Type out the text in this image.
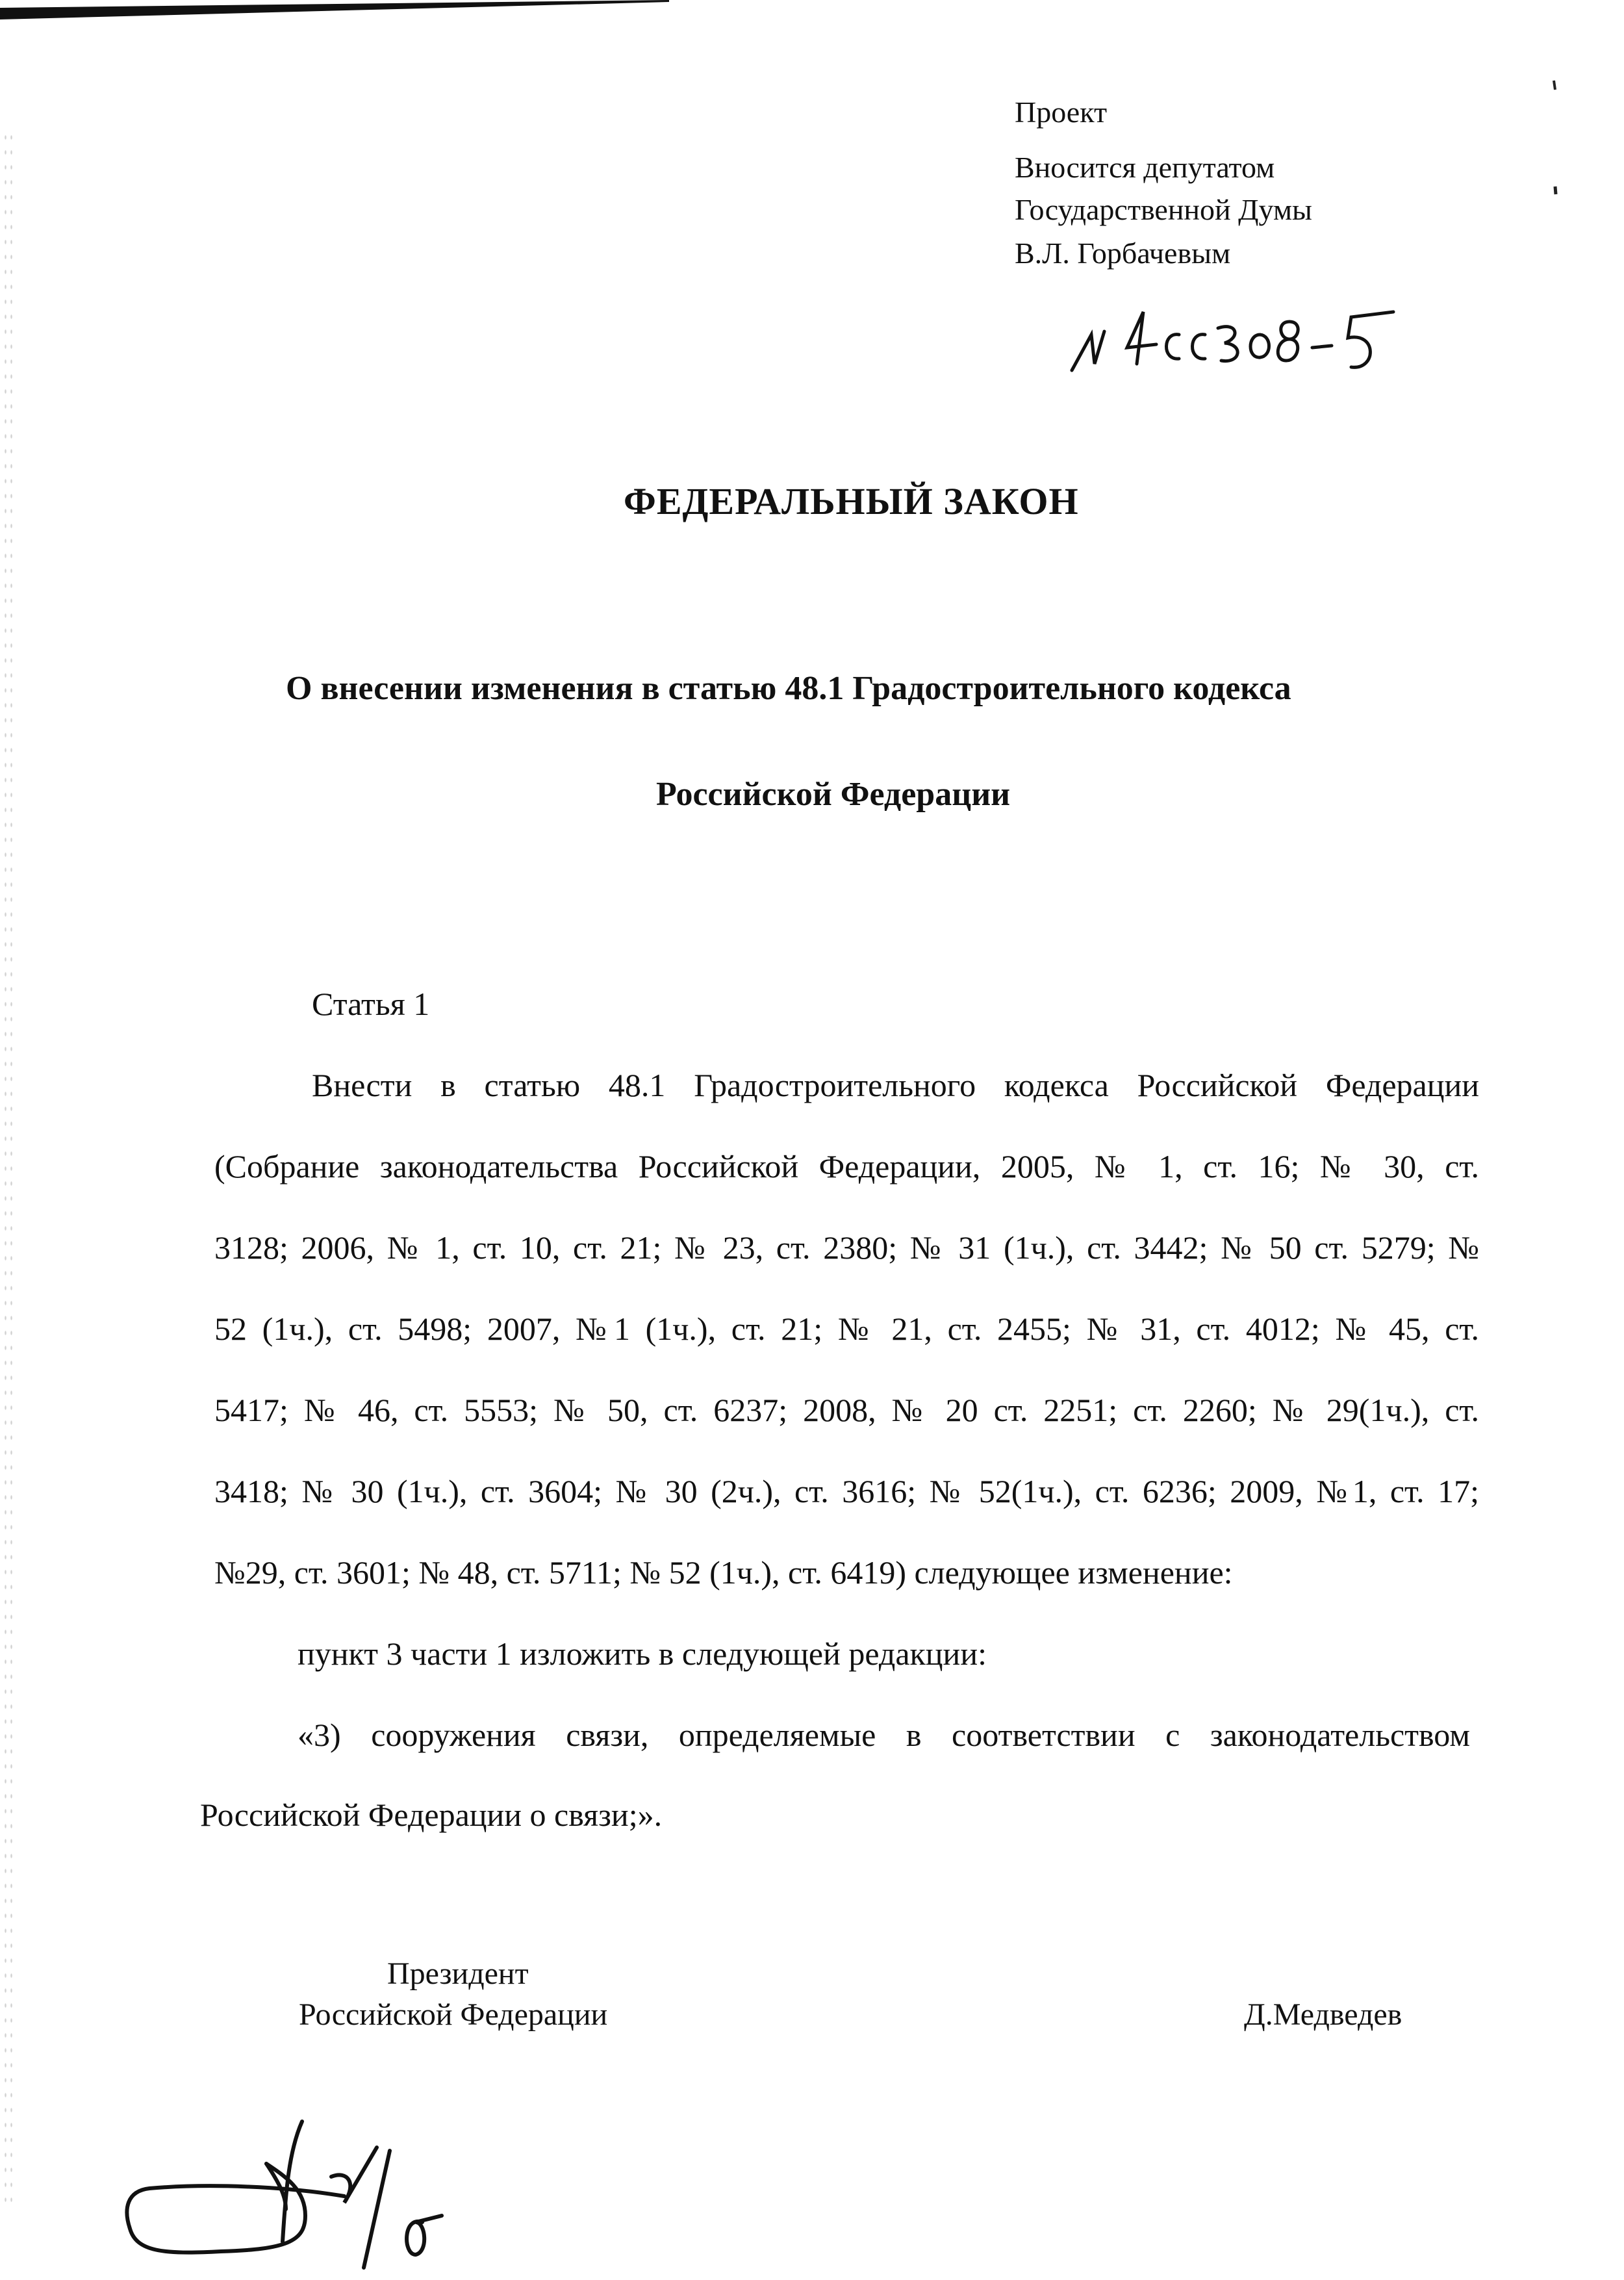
Проект
Вносится депутатом
Государственной Думы
В.Л. Горбачевым
ФЕДЕРАЛЬНЫЙ ЗАКОН
О внесении изменения в статью 48.1 Градостроительного кодекса
Российской Федерации
Статья 1
Внести в статью 48.1 Градостроительного кодекса Российской Федерации
(Собрание законодательства Российской Федерации, 2005, № 1, ст. 16; № 30, ст.
3128; 2006, № 1, ст. 10, ст. 21; № 23, ст. 2380; № 31 (1ч.), ст. 3442; № 50 ст. 5279; №
52 (1ч.), ст. 5498; 2007, №1 (1ч.), ст. 21; № 21, ст. 2455; № 31, ст. 4012; № 45, ст.
5417; № 46, ст. 5553; № 50, ст. 6237; 2008, № 20 ст. 2251; ст. 2260; № 29(1ч.), ст.
3418; № 30 (1ч.), ст. 3604; № 30 (2ч.), ст. 3616; № 52(1ч.), ст. 6236; 2009, №1, ст. 17;
№29, ст. 3601; № 48, ст. 5711; № 52 (1ч.), ст. 6419) следующее изменение:
пункт 3 части 1 изложить в следующей редакции:
«3) сооружения связи, определяемые в соответствии с законодательством
Российской Федерации о связи;».
Президент
Российской Федерации	Д.Медведев
